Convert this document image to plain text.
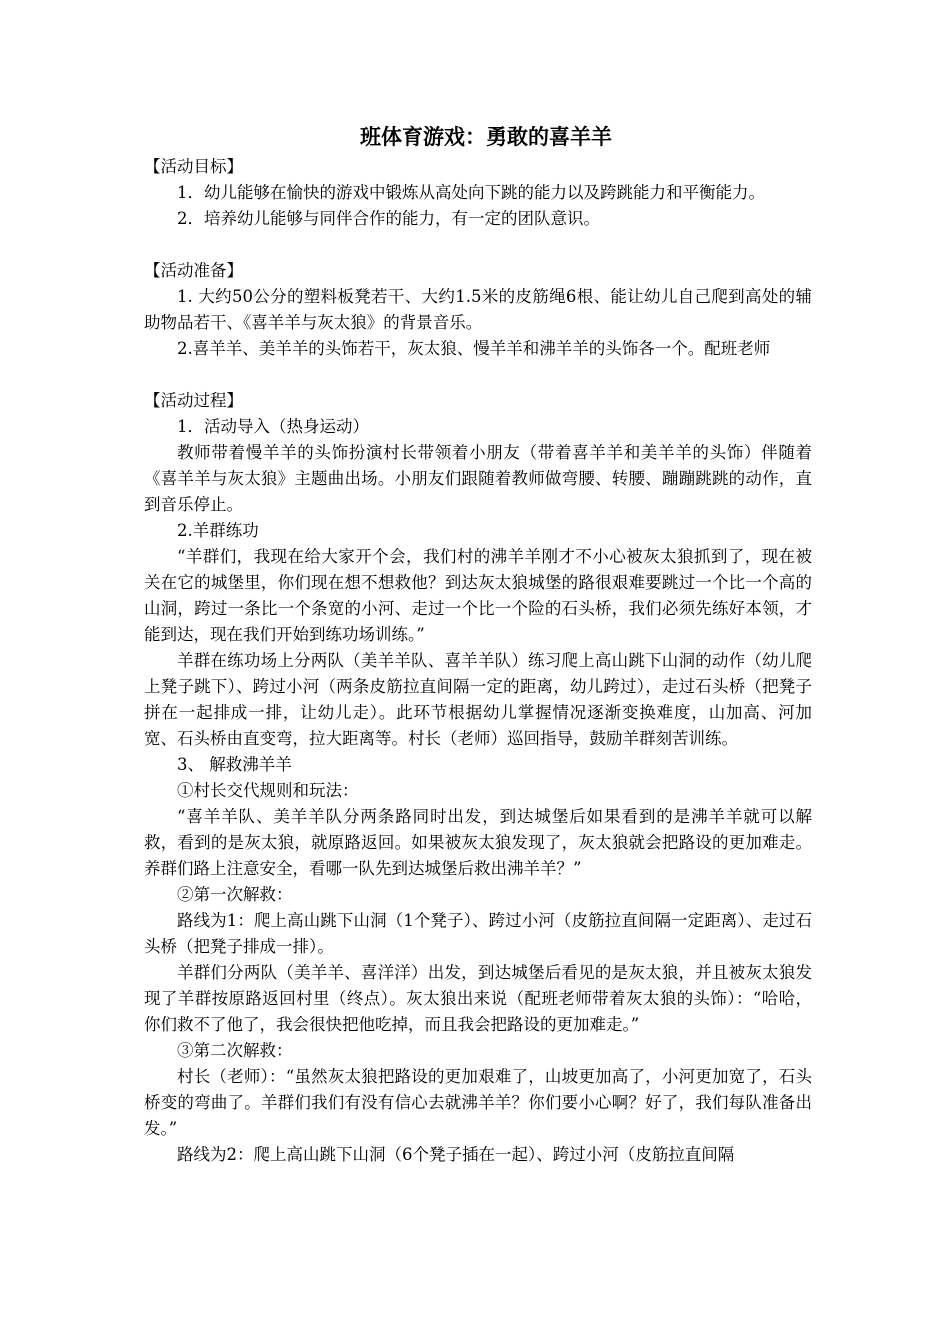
班体育游戏：勇敢的喜羊羊

【活动目标】

1．幼儿能够在愉快的游戏中锻炼从高处向下跳的能力以及跨跳能力和平衡能力。

2．培养幼儿能够与同伴合作的能力，有一定的团队意识。

【活动准备】

1. 大约50公分的塑料板凳若干、大约1.5米的皮筋绳6根、能让幼儿自己爬到高处的辅助物品若干、《喜羊羊与灰太狼》的背景音乐。

2.喜羊羊、美羊羊的头饰若干，灰太狼、慢羊羊和沸羊羊的头饰各一个。配班老师

【活动过程】

1．活动导入（热身运动）

教师带着慢羊羊的头饰扮演村长带领着小朋友（带着喜羊羊和美羊羊的头饰）伴随着《喜羊羊与灰太狼》主题曲出场。小朋友们跟随着教师做弯腰、转腰、蹦蹦跳跳的动作，直到音乐停止。

2.羊群练功

“羊群们，我现在给大家开个会，我们村的沸羊羊刚才不小心被灰太狼抓到了，现在被关在它的城堡里，你们现在想不想救他？到达灰太狼城堡的路很艰难要跳过一个比一个高的山洞，跨过一条比一个条宽的小河、走过一个比一个险的石头桥，我们必须先练好本领，才能到达，现在我们开始到练功场训练。”

羊群在练功场上分两队（美羊羊队、喜羊羊队）练习爬上高山跳下山洞的动作（幼儿爬上凳子跳下）、跨过小河（两条皮筋拉直间隔一定的距离，幼儿跨过），走过石头桥（把凳子拼在一起排成一排，让幼儿走）。此环节根据幼儿掌握情况逐渐变换难度，山加高、河加宽、石头桥由直变弯，拉大距离等。村长（老师）巡回指导，鼓励羊群刻苦训练。

3、 解救沸羊羊

①村长交代规则和玩法：

“喜羊羊队、美羊羊队分两条路同时出发，到达城堡后如果看到的是沸羊羊就可以解救，看到的是灰太狼，就原路返回。如果被灰太狼发现了，灰太狼就会把路设的更加难走。养群们路上注意安全，看哪一队先到达城堡后救出沸羊羊？”

②第一次解救：

路线为1：爬上高山跳下山洞（1个凳子）、跨过小河（皮筋拉直间隔一定距离）、走过石头桥（把凳子排成一排）。

羊群们分两队（美羊羊、喜洋洋）出发，到达城堡后看见的是灰太狼，并且被灰太狼发现了羊群按原路返回村里（终点）。灰太狼出来说（配班老师带着灰太狼的头饰）：“哈哈，你们救不了他了，我会很快把他吃掉，而且我会把路设的更加难走。”

③第二次解救：

村长（老师）：“虽然灰太狼把路设的更加艰难了，山坡更加高了，小河更加宽了，石头桥变的弯曲了。羊群们我们有没有信心去就沸羊羊？你们要小心啊？好了，我们每队准备出发。”

路线为2：爬上高山跳下山洞（6个凳子插在一起）、跨过小河（皮筋拉直间隔
